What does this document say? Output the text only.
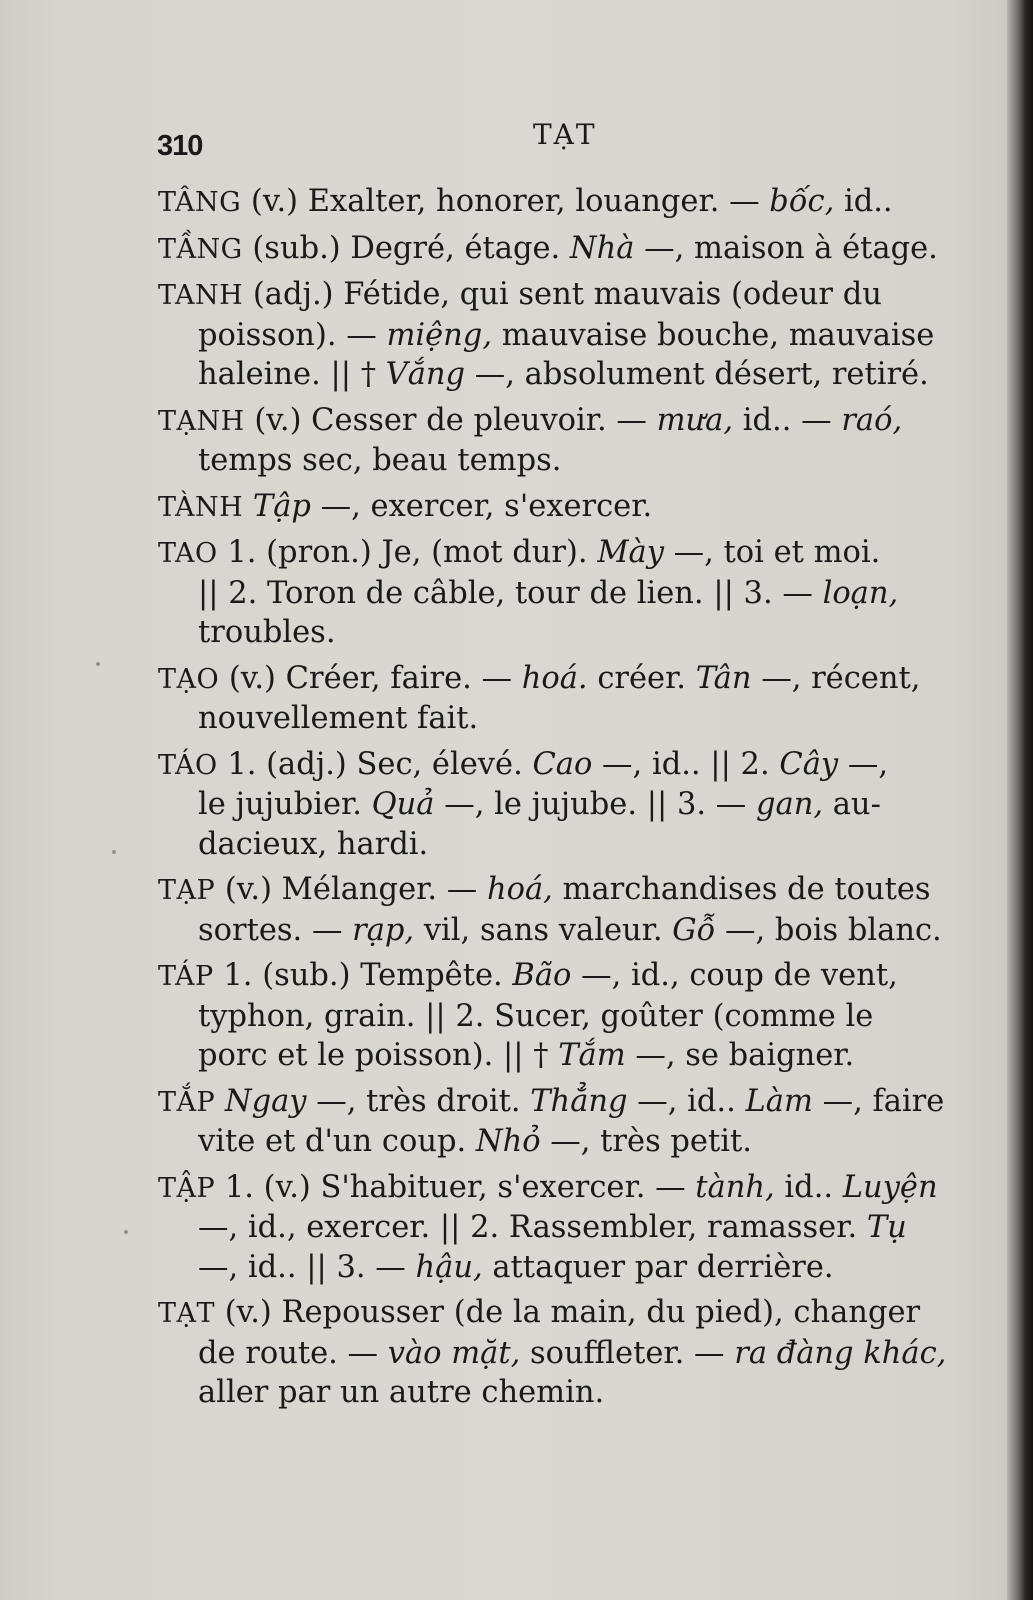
310	TẠT
TÂNG (v.) Exalter, honorer, louanger. — bốc, id..
TẦNG (sub.) Degré, étage. Nhà —, maison à étage.
TANH (adj.) Fétide, qui sent mauvais (odeur du
poisson). — miệng, mauvaise bouche, mauvaise
haleine. || † Vắng —, absolument désert, retiré.
TẠNH (v.) Cesser de pleuvoir. — mưa, id.. — raó,
temps sec, beau temps.
TÀNH Tập —, exercer, s'exercer.
TAO 1. (pron.) Je, (mot dur). Mày —, toi et moi.
|| 2. Toron de câble, tour de lien. || 3. — loạn,
troubles.
TẠO (v.) Créer, faire. — hoá. créer. Tân —, récent,
nouvellement fait.
TÁO 1. (adj.) Sec, élevé. Cao —, id.. || 2. Cây —,
le jujubier. Quả —, le jujube. || 3. — gan, au-
dacieux, hardi.
TẠP (v.) Mélanger. — hoá, marchandises de toutes
sortes. — rạp, vil, sans valeur. Gỗ —, bois blanc.
TÁP 1. (sub.) Tempête. Bão —, id., coup de vent,
typhon, grain. || 2. Sucer, goûter (comme le
porc et le poisson). || † Tắm —, se baigner.
TẮP Ngay —, très droit. Thẳng —, id.. Làm —, faire
vite et d'un coup. Nhỏ —, très petit.
TẬP 1. (v.) S'habituer, s'exercer. — tành, id.. Luyện
—, id., exercer. || 2. Rassembler, ramasser. Tụ
—, id.. || 3. — hậu, attaquer par derrière.
TẠT (v.) Repousser (de la main, du pied), changer
de route. — vào mặt, souffleter. — ra đàng khác,
aller par un autre chemin.
